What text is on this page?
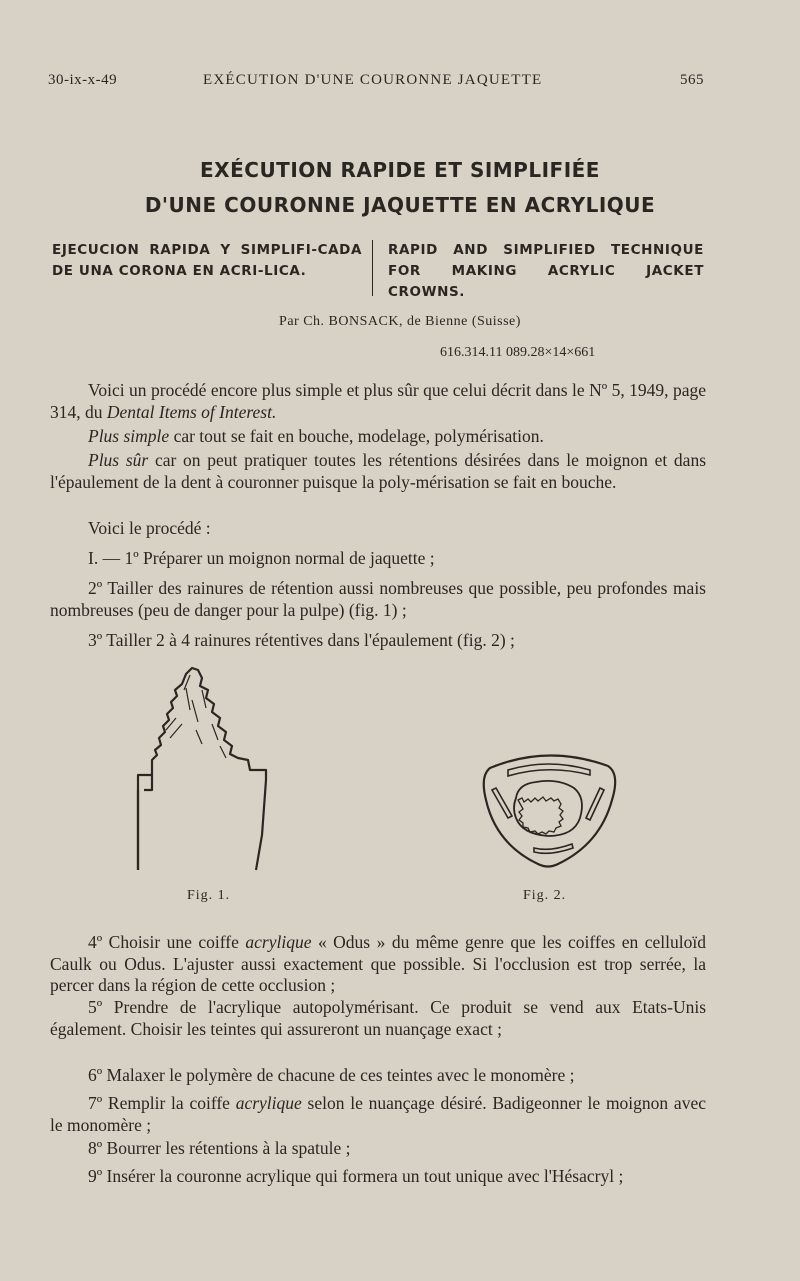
30-ix-x-49	EXÉCUTION D'UNE COURONNE JAQUETTE	565
EXÉCUTION RAPIDE ET SIMPLIFIÉE
D'UNE COURONNE JAQUETTE EN ACRYLIQUE
EJECUCION RAPIDA Y SIMPLIFI-CADA DE UNA CORONA EN ACRI-LICA.
RAPID AND SIMPLIFIED TECHNIQUE FOR MAKING ACRYLIC JACKET CROWNS.
Par Ch. BONSACK, de Bienne (Suisse)
616.314.11 089.28×14×661
Voici un procédé encore plus simple et plus sûr que celui décrit dans le Nº 5, 1949, page 314, du Dental Items of Interest.
Plus simple car tout se fait en bouche, modelage, polymérisation.
Plus sûr car on peut pratiquer toutes les rétentions désirées dans le moignon et dans l'épaulement de la dent à couronner puisque la poly-mérisation se fait en bouche.
Voici le procédé :
I. — 1º Préparer un moignon normal de jaquette ;
2º Tailler des rainures de rétention aussi nombreuses que possible, peu profondes mais nombreuses (peu de danger pour la pulpe) (fig. 1) ;
3º Tailler 2 à 4 rainures rétentives dans l'épaulement (fig. 2) ;
Fig. 1.	Fig. 2.
4º Choisir une coiffe acrylique « Odus » du même genre que les coiffes en celluloïd Caulk ou Odus. L'ajuster aussi exactement que possible. Si l'occlusion est trop serrée, la percer dans la région de cette occlusion ;
5º Prendre de l'acrylique autopolymérisant. Ce produit se vend aux Etats-Unis également. Choisir les teintes qui assureront un nuançage exact ;
6º Malaxer le polymère de chacune de ces teintes avec le monomère ;
7º Remplir la coiffe acrylique selon le nuançage désiré. Badigeonner le moignon avec le monomère ;
8º Bourrer les rétentions à la spatule ;
9º Insérer la couronne acrylique qui formera un tout unique avec l'Hésacryl ;
